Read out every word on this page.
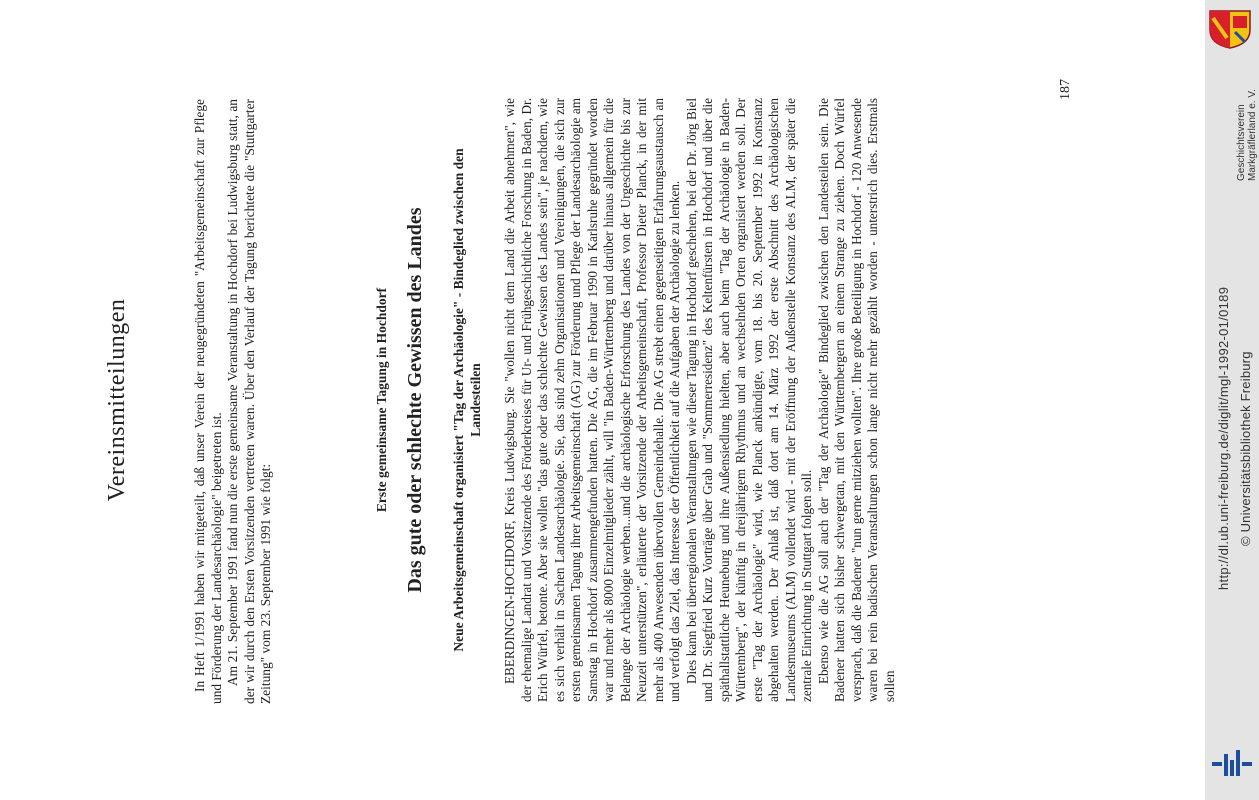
Vereinsmitteilungen	In Heft 1/1991 haben wir mitgeteilt, daß unser Verein der neugegründeten "Arbeitsgemeinschaft zur Pflege und Förderung der Landesarchäologie" beigetreten ist. Am 21. September 1991 fand nun die erste gemeinsame Veranstaltung in Hochdorf bei Ludwigsburg statt, an der wir durch den Ersten Vorsitzenden vertreten waren. Über den Verlauf der Tagung berichtete die "Stuttgarter Zeitung" vom 23. September 1991 wie folgt:

Erste gemeinsame Tagung in Hochdorf Das gute oder schlechte Gewissen des Landes Neue Arbeitsgemeinschaft organisiert "Tag der Archäologie" - Bindeglied zwischen den Landesteilen EBERDINGEN-HOCHDORF, Kreis Ludwigsburg. Sie "wollen nicht dem Land die Arbeit abnehmen", wie der ehemalige Landrat und Vorsitzende des Förderkreises für Ur- und Frühgeschichtliche Forschung in Baden, Dr. Erich Würfel, betonte. Aber sie wollen "das gute oder das schlechte Gewissen des Landes sein", je nachdem, wie es sich verhält in Sachen Landesarchäologie. Sie, das sind zehn Organisationen und Vereinigungen, die sich zur ersten gemeinsamen Tagung ihrer Arbeitsgemeinschaft (AG) zur Förderung und Pflege der Landesarchäologie am Samstag in Hochdorf zusammengefunden hatten. Die AG, die im Februar 1990 in Karlsruhe gegründet worden war und mehr als 8000 Einzelmitglieder zählt, will "in Baden-Württemberg und darüber hinaus allgemein für die Belange der Archäologie werben...und die archäologische Erforschung des Landes von der Urgeschichte bis zur Neuzeit unterstützen", erläuterte der Vorsitzende der Arbeitsgemeinschaft, Professor Dieter Planck, in der mit mehr als 400 Anwesenden übervollen Gemeindehalle. Die AG strebt einen gegenseitigen Erfahrungsaustausch an und verfolgt das Ziel, das Interesse der Öffentlichkeit auf die Aufgaben der Archäologie zu lenken. Dies kann bei überregionalen Veranstaltungen wie dieser Tagung in Hochdorf geschehen, bei der Dr. Jörg Biel und Dr. Siegfried Kurz Vorträge über Grab und "Sommerresidenz" des Keltenfürsten in Hochdorf und über die späthallstattliche Heuneburg und ihre Außensiedlung hielten, aber auch beim "Tag der Archäologie in Baden-Württemberg", der künftig in dreijährigem Rhythmus und an wechselnden Orten organisiert werden soll. Der erste "Tag der Archäologie" wird, wie Planck ankündigte, vom 18. bis 20. September 1992 in Konstanz abgehalten werden. Der Anlaß ist, daß dort am 14. März 1992 der erste Abschnitt des Archäologischen Landesmuseums (ALM) vollendet wird - mit der Eröffnung der Außenstelle Konstanz des ALM, der später die zentrale Einrichtung in Stuttgart folgen soll. Ebenso wie die AG soll auch der "Tag der Archäologie" Bindeglied zwischen den Landesteilen sein. Die Badener hatten sich bisher schwergetan, mit den Württembergern an einem Strange zu ziehen. Doch Würfel versprach, daß die Badener "nun gerne mitziehen wollten". Ihre große Beteiligung in Hochdorf - 120 Anwesende waren bei rein badischen Veranstaltungen schon lange nicht mehr gezählt worden - unterstrich dies. Erstmals sollen

187
Geschichtsverein Markgräflerland e. V.
http://dl.ub.uni-freiburg.de/diglit/mgl-1992-01/0189 © Universitätsbibliothek Freiburg
